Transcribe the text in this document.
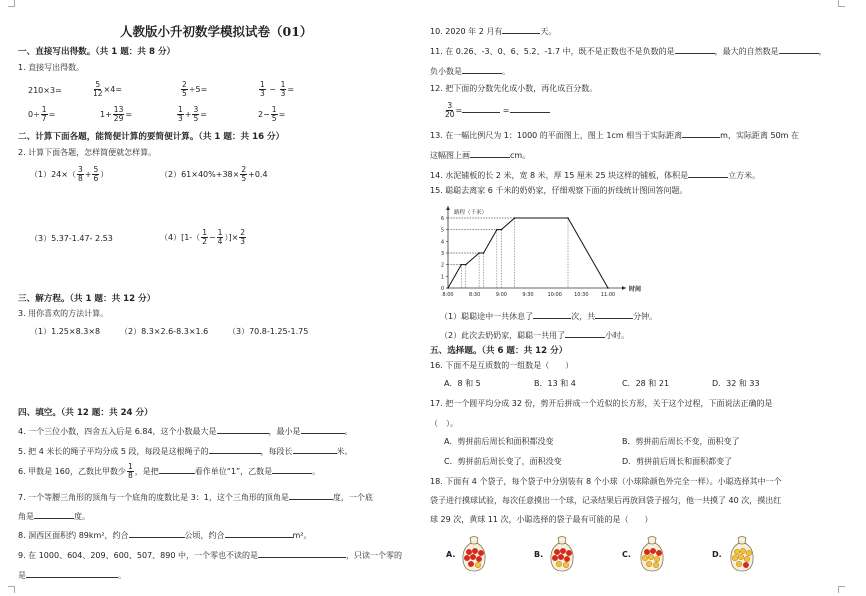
人教版小升初数学模拟试卷（01）
一、直接写出得数。（共 1 题：共 8 分）
1. 直接写出得数。
210×3=	$\frac{5}{12} \times 4=$	$\frac{2}{5} \div 5=$	$\frac{1}{3} - \frac{1}{3}$ =
$0\div \frac{1}{7}$ =	$1+ \frac{13}{29}$ =	$\frac{1}{3} + \frac{3}{5}$ =	$2- \frac{1}{5}$ =
二、计算下面各题，能简便计算的要简便计算。（共 1 题：共 16 分）
2. 计算下面各题，怎样简便就怎样算。
$(1)24\times( \frac{3}{8} + \frac{5}{6}$ ）	$(2)61\times 40\%+38\times \frac{2}{5} +0.4$
（3）5.37-1.47- 2.53	$(4)[1-( \frac{1}{2} - \frac{1}{4}$ ）]× $\frac{2}{3}$
三、解方程。（共 1 题：共 12 分）
3. 用你喜欢的方法计算。
（1）1.25×8.3×8 （2）8.3×2.6-8.3×1.6 （3）70.8-1.25-1.75
四、填空。（共 12 题：共 24 分）
4. 一个三位小数，四舍五入后是 6.84，这个小数最大是	，最小是	。
5. 把 4 米长的绳子平均分成 5 段，每段是这根绳子的	，每段长	米。
6. 甲数是 160，乙数比甲数少 $\frac{1}{8}$ ，是把	看作单位“1”，乙数是	。
7. 一个等腰三角形的顶角与一个底角的度数比是 3：1，这个三角形的顶角是	度，一个底
角是	度。
8. 洞西区面积约 89km²，约合	公顷，约合	m²。
9. 在 1000、604、209、600、507、890 中，一个零也不读的是	，只读一个零的
是	。
10. 2020 年 2 月有	天。
11. 在 0.26、-3、0、6、5.2、-1.7 中，既不是正数也不是负数的是	，最大的自然数是	，
负小数是	。
12. 把下面的分数先化成小数，再化成百分数。
$\frac{3}{20}$ =	=
13. 在一幅比例尺为 1：1000 的平面图上，图上 1cm 相当于实际距离	m，实际距离 50m 在
这幅图上画	cm。
14. 水泥铺板的长 2 米，宽 8 米，厚 15 厘米 25 块这样的铺板，体积是	立方米。
15. 聪聪去离家 6 千米的奶奶家，仔细观察下面的折线统计图回答问题。
路程（千米）
时间
8:00	8:30	9:00	9:30	10:00 10:30 11:00
0
1
2
3
4
5
6
（1）聪聪途中一共休息了	次，共	分钟。
（2）此次去奶奶家，聪聪一共用了	小时。
五、选择题。（共 6 题：共 12 分）
16. 下面不是互质数的一组数是（　　）
A．8 和 5	B．13 和 4	C．28 和 21	D．32 和 33
17. 把一个圆平均分成 32 份，剪开后拼成一个近似的长方形，关于这个过程，下面说法正确的是
（　）。
A．剪拼前后周长和面积都没变	B．剪拼前后周长不变，面积变了
C．剪拼前后周长变了，面积没变	D．剪拼前后周长和面积都变了
18. 下面有 4 个袋子，每个袋子中分别装有 8 个小球（小球除颜色外完全一样）。小聪选择其中一个
袋子进行摸球试验，每次任意摸出一个球，记录结果后再放回袋子摇匀，他一共摸了 40 次，摸出红
球 29 次，黄球 11 次，小聪选择的袋子最有可能的是（　　）
A.	B.	C.	D.
